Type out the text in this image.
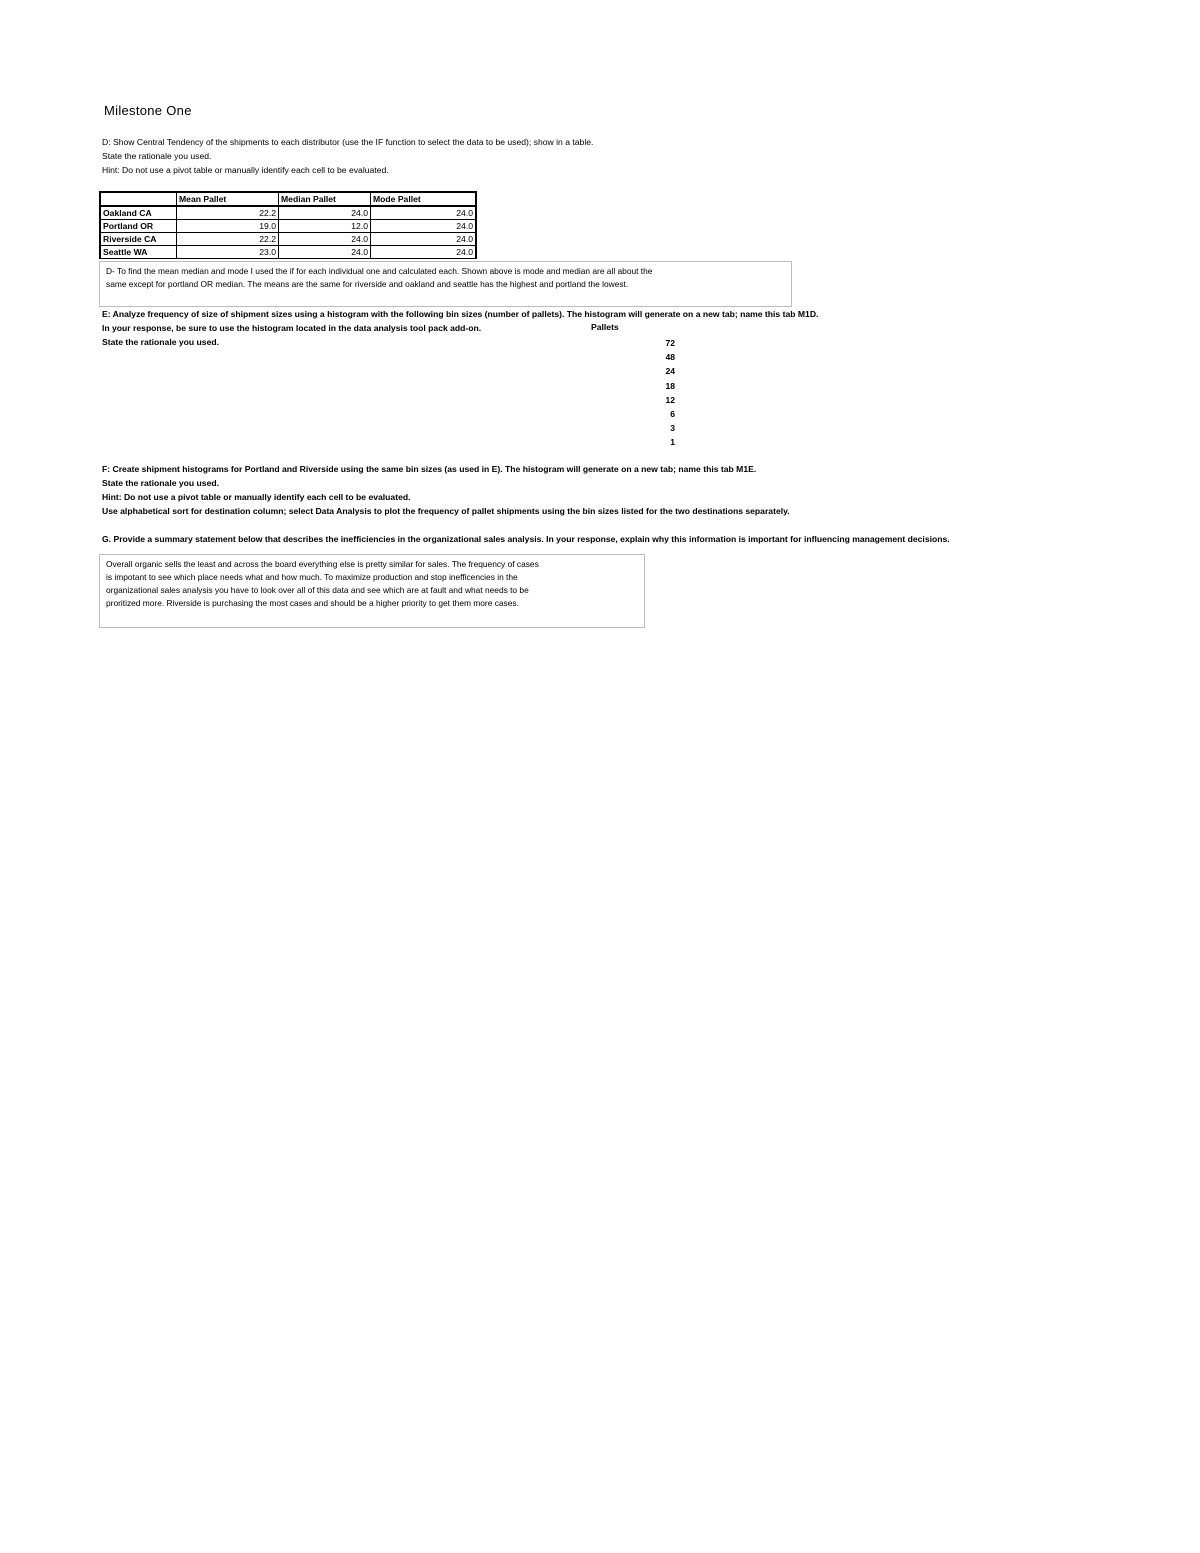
Milestone One
D: Show Central Tendency of the shipments to each distributor (use the IF function to select the data to be used); show in a table.
State the rationale you used.
Hint: Do not use a pivot table or manually identify each cell to be evaluated.
	Mean Pallet	Median Pallet	Mode Pallet
Oakland CA	22.2	24.0	24.0
Portland OR	19.0	12.0	24.0
Riverside CA	22.2	24.0	24.0
Seattle WA	23.0	24.0	24.0
D- To find the mean median and mode I used the if for each individual one and calculated each. Shown above is mode and median are all about the
same except for portland OR median. The means are the same for riverside and oakland and seattle has the highest and portland the lowest.
E: Analyze frequency of size of shipment sizes using a histogram with the following bin sizes (number of pallets). The histogram will generate on a new tab; name this tab M1D.
In your response, be sure to use the histogram located in the data analysis tool pack add-on.
State the rationale you used.
Pallets
72
48
24
18
12
6
3
1
F: Create shipment histograms for Portland and Riverside using the same bin sizes (as used in E). The histogram will generate on a new tab; name this tab M1E.
State the rationale you used.
Hint: Do not use a pivot table or manually identify each cell to be evaluated.
Use alphabetical sort for destination column; select Data Analysis to plot the frequency of pallet shipments using the bin sizes listed for the two destinations separately.
G. Provide a summary statement below that describes the inefficiencies in the organizational sales analysis. In your response, explain why this information is important for influencing management decisions.
Overall organic sells the least and across the board everything else is pretty similar for sales. The frequency of cases
is impotant to see which place needs what and how much. To maximize production and stop inefficencies in the
organizational sales analysis you have to look over all of this data and see which are at fault and what needs to be
proritized more. Riverside is purchasing the most cases and should be a higher priority to get them more cases.
